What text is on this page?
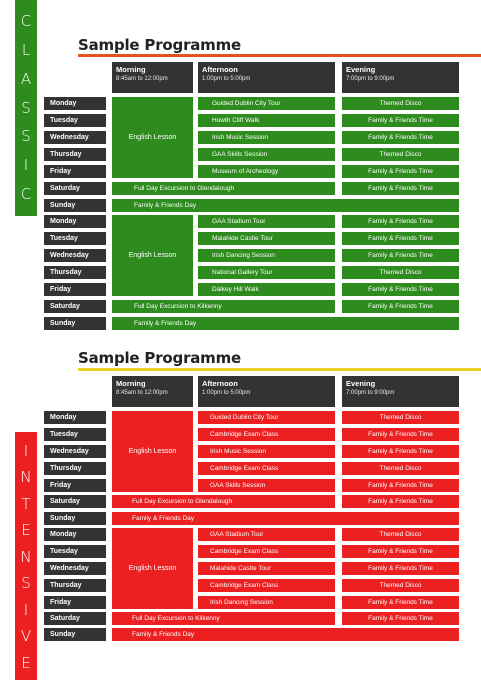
C
L
A
S
S
I
C
Sample Programme
Morning
8:45am to 12:00pm
Afternoon
1:00pm to 5:00pm
Evening
7:00pm to 9:00pm
English Lesson
Monday	Guided Dublin City Tour	Themed Disco
Tuesday	Howth Cliff Walk	Family & Friends Time
Wednesday	Irish Music Session	Family & Friends Time
Thursday	GAA Skills Session	Themed Disco
Friday	Museum of Archeology	Family & Friends Time
Saturday	Full Day Excursion to Glendalough	Family & Friends Time
Sunday	Family & Friends Day
English Lesson
Monday	GAA Stadium Tour	Family & Friends Time
Tuesday	Malahide Castle Tour	Family & Friends Time
Wednesday	Irish Dancing Session	Family & Friends Time
Thursday	National Gallery Tour	Themed Disco
Friday	Dalkey Hill Walk	Family & Friends Time
Saturday	Full Day Excursion to Kilkenny	Family & Friends Time
Sunday	Family & Friends Day
I
N
T
E
N
S
I
V
E
Sample Programme
Morning
8:45am to 12:00pm
Afternoon
1:00pm to 5:00pm
Evening
7:00pm to 9:00pm
English Lesson
Monday	Guided Dublin City Tour	Themed Disco
Tuesday	Cambridge Exam Class	Family & Friends Time
Wednesday	Irish Music Session	Family & Friends Time
Thursday	Cambridge Exam Class	Themed Disco
Friday	GAA Skills Session	Family & Friends Time
Saturday	Full Day Excursion to Glendalough	Family & Friends Time
Sunday	Family & Friends Day
English Lesson
Monday	GAA Stadium Tour	Themed Disco
Tuesday	Cambridge Exam Class	Family & Friends Time
Wednesday	Malahide Castle Tour	Family & Friends Time
Thursday	Cambridge Exam Class	Themed Disco
Friday	Irish Dancing Session	Family & Friends Time
Saturday	Full Day Excursion to Kilkenny	Family & Friends Time
Sunday	Family & Friends Day
